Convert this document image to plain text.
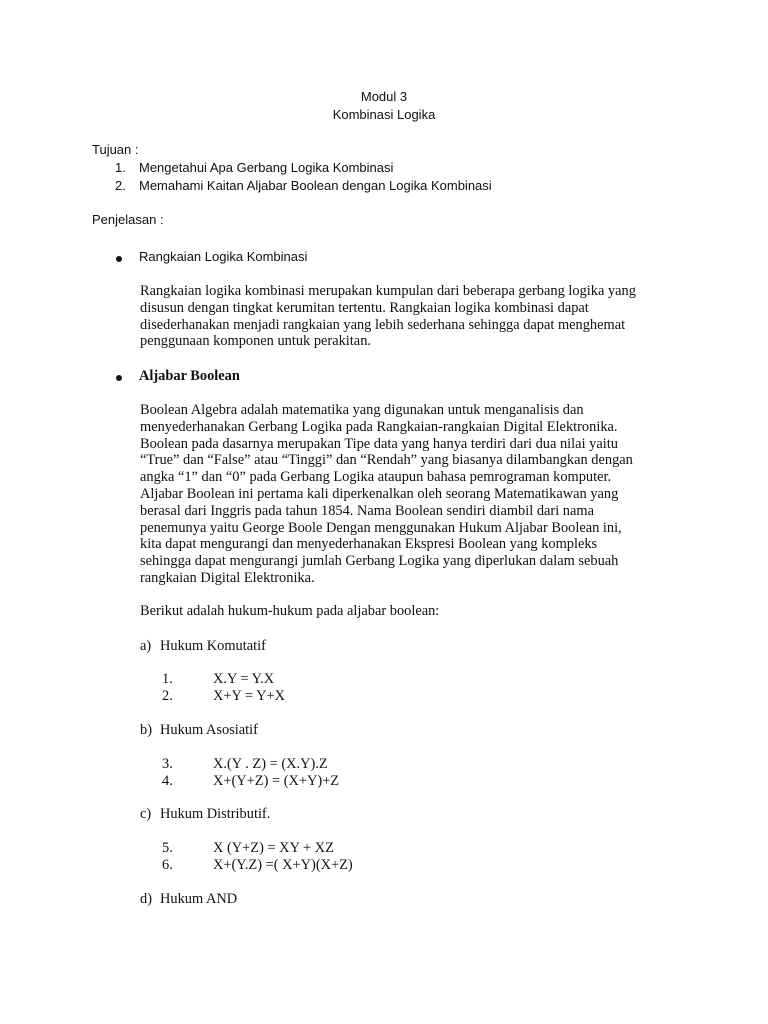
Modul 3
Kombinasi Logika
Tujuan :
1. Mengetahui Apa Gerbang Logika Kombinasi
2. Memahami Kaitan Aljabar Boolean dengan Logika Kombinasi
Penjelasan :
Rangkaian Logika Kombinasi
Rangkaian logika kombinasi merupakan kumpulan dari beberapa gerbang logika yang
disusun dengan tingkat kerumitan tertentu. Rangkaian logika kombinasi dapat
disederhanakan menjadi rangkaian yang lebih sederhana sehingga dapat menghemat
penggunaan komponen untuk perakitan.
Aljabar Boolean
Boolean Algebra adalah matematika yang digunakan untuk menganalisis dan
menyederhanakan Gerbang Logika pada Rangkaian-rangkaian Digital Elektronika.
Boolean pada dasarnya merupakan Tipe data yang hanya terdiri dari dua nilai yaitu
“True” dan “False” atau “Tinggi” dan “Rendah” yang biasanya dilambangkan dengan
angka “1” dan “0” pada Gerbang Logika ataupun bahasa pemrograman komputer.
Aljabar Boolean ini pertama kali diperkenalkan oleh seorang Matematikawan yang
berasal dari Inggris pada tahun 1854. Nama Boolean sendiri diambil dari nama
penemunya yaitu George Boole Dengan menggunakan Hukum Aljabar Boolean ini,
kita dapat mengurangi dan menyederhanakan Ekspresi Boolean yang kompleks
sehingga dapat mengurangi jumlah Gerbang Logika yang diperlukan dalam sebuah
rangkaian Digital Elektronika.
Berikut adalah hukum-hukum pada aljabar boolean:
a) Hukum Komutatif
1.	X.Y = Y.X
2.	X+Y = Y+X
b) Hukum Asosiatif
3.	X.(Y . Z) = (X.Y).Z
4.	X+(Y+Z) = (X+Y)+Z
c) Hukum Distributif.
5.	X (Y+Z) = XY + XZ
6.	X+(Y.Z) =( X+Y)(X+Z)
d) Hukum AND
